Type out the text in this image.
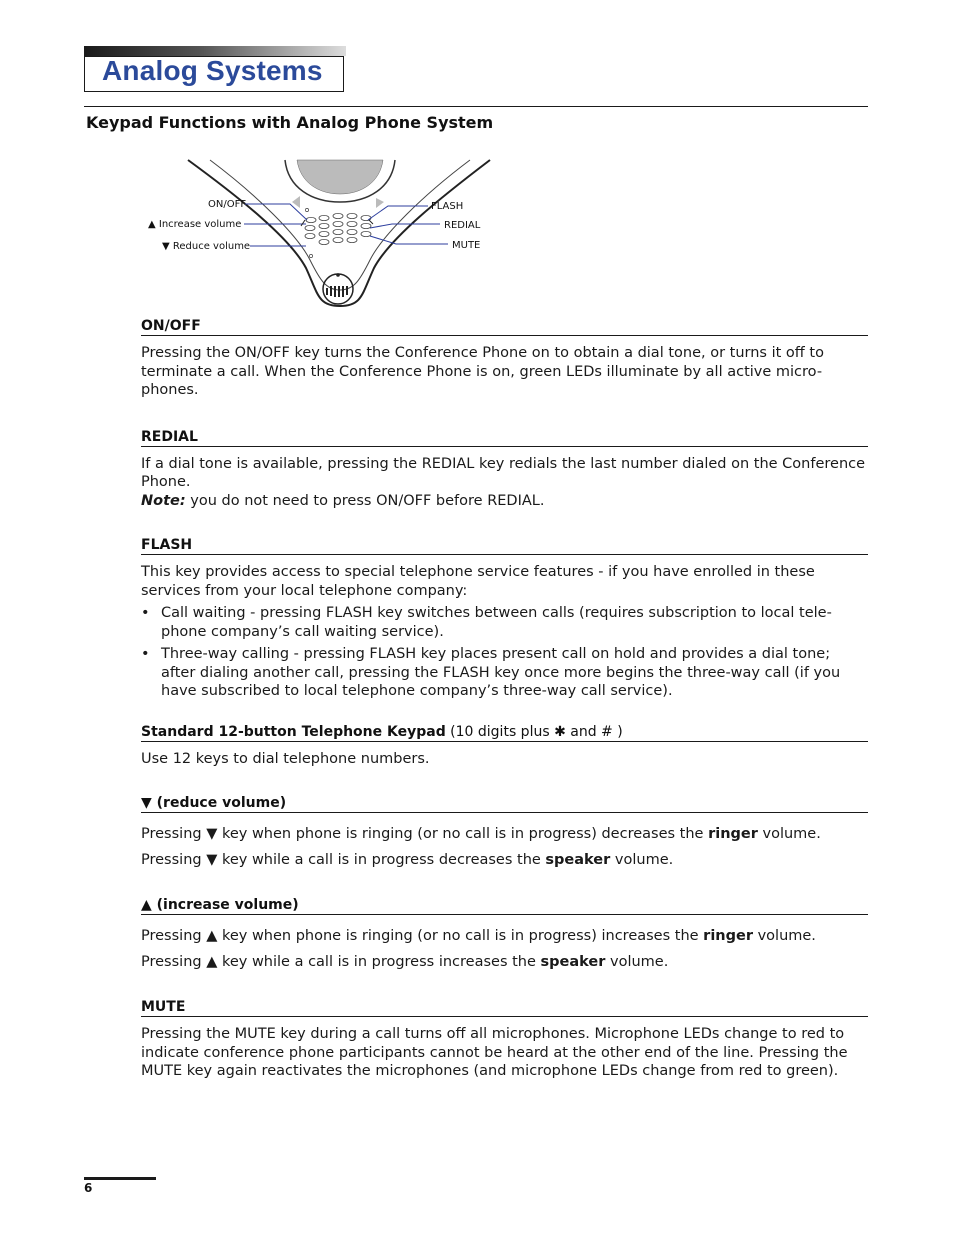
Analog Systems
Keypad Functions with Analog Phone System
ON/OFF
▲ Increase volume
▼ Reduce volume
FLASH
REDIAL
MUTE
ON/OFF

Pressing the ON/OFF key turns the Conference Phone on to obtain a dial tone, or turns it off to terminate a call. When the Conference Phone is on, green LEDs illuminate by all active micro-phones.

REDIAL

If a dial tone is available, pressing the REDIAL key redials the last number dialed on the Conference Phone.

Note: you do not need to press ON/OFF before REDIAL.

FLASH

This key provides access to special telephone service features - if you have enrolled in these services from your local telephone company:

• Call waiting - pressing FLASH key switches between calls (requires subscription to local tele-phone company’s call waiting service).
• Three-way calling - pressing FLASH key places present call on hold and provides a dial tone; after dialing another call, pressing the FLASH key once more begins the three-way call (if you have subscribed to local telephone company’s three-way call service).
Standard 12-button Telephone Keypad (10 digits plus ✱ and # )

Use 12 keys to dial telephone numbers.

▼ (reduce volume)

Pressing ▼ key when phone is ringing (or no call is in progress) decreases the ringer volume.

Pressing ▼ key while a call is in progress decreases the speaker volume.

▲ (increase volume)

Pressing ▲ key when phone is ringing (or no call is in progress) increases the ringer volume.

Pressing ▲ key while a call is in progress increases the speaker volume.

MUTE

Pressing the MUTE key during a call turns off all microphones. Microphone LEDs change to red to indicate conference phone participants cannot be heard at the other end of the line. Pressing the MUTE key again reactivates the microphones (and microphone LEDs change from red to green).

6
